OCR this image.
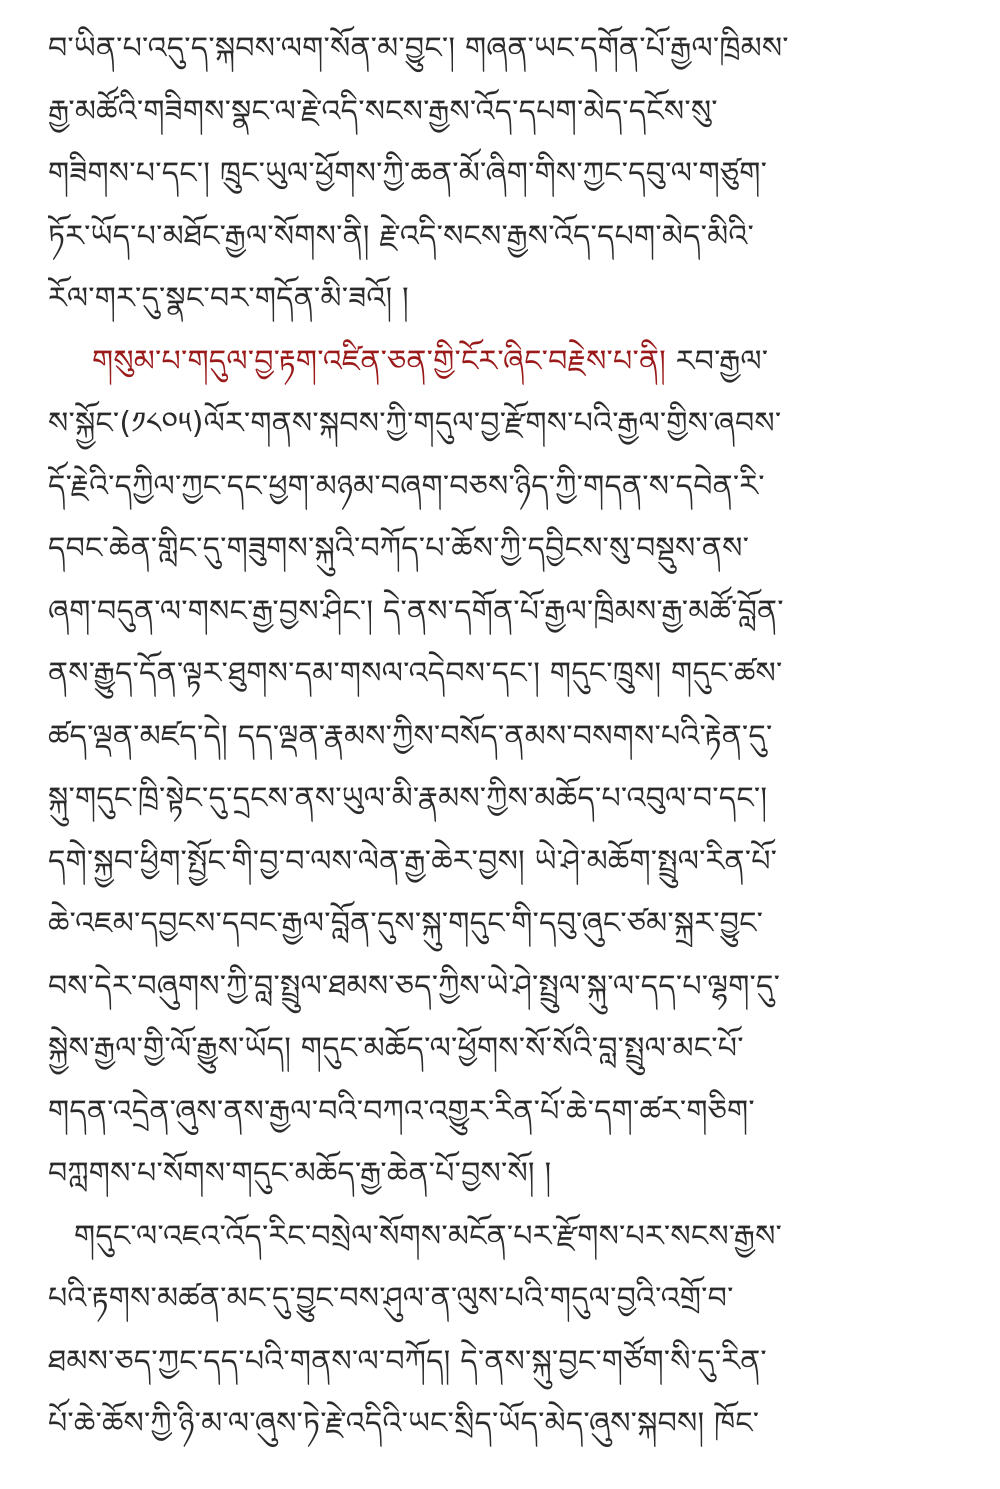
བ་ཡིན་པ་འདུ་ད་སྐབས་ལག་སོན་མ་བྱུང་། གཞན་ཡང་དགོན་པོ་རྒྱལ་ཁྲིམས་
རྒྱ་མཚོའི་གཟིགས་སྣང་ལ་རྗེ་འདི་སངས་རྒྱས་འོད་དཔག་མེད་དངོས་སུ་
གཟིགས་པ་དང་། ཁྲུང་ཡུལ་ཕྱོགས་ཀྱི་ཆན་མོ་ཞིག་གིས་ཀྱང་དབུ་ལ་གཙུག་
ཏོར་ཡོད་པ་མཐོང་རྒྱལ་སོགས་ནི། རྗེ་འདི་སངས་རྒྱས་འོད་དཔག་མེད་མིའི་
རོལ་གར་དུ་སྣང་བར་གདོན་མི་ཟའོ། །
གསུམ་པ་གདུལ་བྱ་རྟག་འཛིན་ཅན་གྱི་ངོར་ཞིང་བརྗེས་པ་ནི། རབ་རྒྱལ་
ས་སྐྱོང་(༡༨༠༥)ལོར་གནས་སྐབས་ཀྱི་གདུལ་བྱ་རྫོགས་པའི་རྒྱལ་གྱིས་ཞབས་
དོ་རྗེའི་དཀྱིལ་ཀྱང་དང་ཕྱག་མཉམ་བཞག་བཅས་ཉིད་ཀྱི་གདན་ས་དབེན་རི་
དབང་ཆེན་གླིང་དུ་གཟུགས་སྐུའི་བཀོད་པ་ཆོས་ཀྱི་དབྱིངས་སུ་བསྡུས་ནས་
ཞག་བདུན་ལ་གསང་རྒྱ་བྱས་ཤིང་། དེ་ནས་དགོན་པོ་རྒྱལ་ཁྲིམས་རྒྱ་མཚོ་བློན་
ནས་རྒྱུད་དོན་ལྟར་ཐུགས་དམ་གསལ་འདེབས་དང་། གདུང་ཁྲུས། གདུང་ཚས་
ཚད་ལྡན་མཛད་དེ། དད་ལྡན་རྣམས་ཀྱིས་བསོད་ནམས་བསགས་པའི་རྟེན་དུ་
སྐུ་གདུང་ཁྲི་སྟེང་དུ་དྲངས་ནས་ཡུལ་མི་རྣམས་ཀྱིས་མཆོད་པ་འབུལ་བ་དང་།
དགེ་སྐྱབ་ཕྱིག་སྤྱོང་གི་བྱ་བ་ལས་ལེན་རྒྱ་ཆེར་བྱས། ཡེ་ཤེ་མཆོག་སྤྲུལ་རིན་པོ་
ཆེ་འཇམ་དབྱངས་དབང་རྒྱལ་བློན་དུས་སྐུ་གདུང་གི་དབུ་ཞུང་ཙམ་སྐྲར་བྱུང་
བས་དེར་བཞུགས་ཀྱི་བླ་སྤྲུལ་ཐམས་ཅད་ཀྱིས་ཡེ་ཤེ་སྤྲུལ་སྐུ་ལ་དད་པ་ལྷག་དུ་
སྐྱེས་རྒྱལ་གྱི་ལོ་རྒྱུས་ཡོད། གདུང་མཆོད་ལ་ཕྱོགས་སོ་སོའི་བླ་སྤྲུལ་མང་པོ་
གདན་འདྲེན་ཞུས་ནས་རྒྱལ་བའི་བཀའ་འགྱུར་རིན་པོ་ཆེ་དག་ཚར་གཅིག་
བཀླགས་པ་སོགས་གདུང་མཆོད་རྒྱ་ཆེན་པོ་བྱས་སོ། །
གདུང་ལ་འཇའ་འོད་རིང་བསྲེལ་སོགས་མངོན་པར་རྫོགས་པར་སངས་རྒྱས་
པའི་རྟགས་མཚན་མང་དུ་བྱུང་བས་ཤུལ་ན་ལུས་པའི་གདུལ་བྱའི་འགྲོ་བ་
ཐམས་ཅད་ཀྱང་དད་པའི་གནས་ལ་བཀོད། དེ་ནས་སྐུ་བྱང་གཙོག་སི་དུ་རིན་
པོ་ཆེ་ཆོས་ཀྱི་ཉི་མ་ལ་ཞུས་ཏེ་རྗེ་འདིའི་ཡང་སྲིད་ཡོད་མེད་ཞུས་སྐབས། ཁོང་
